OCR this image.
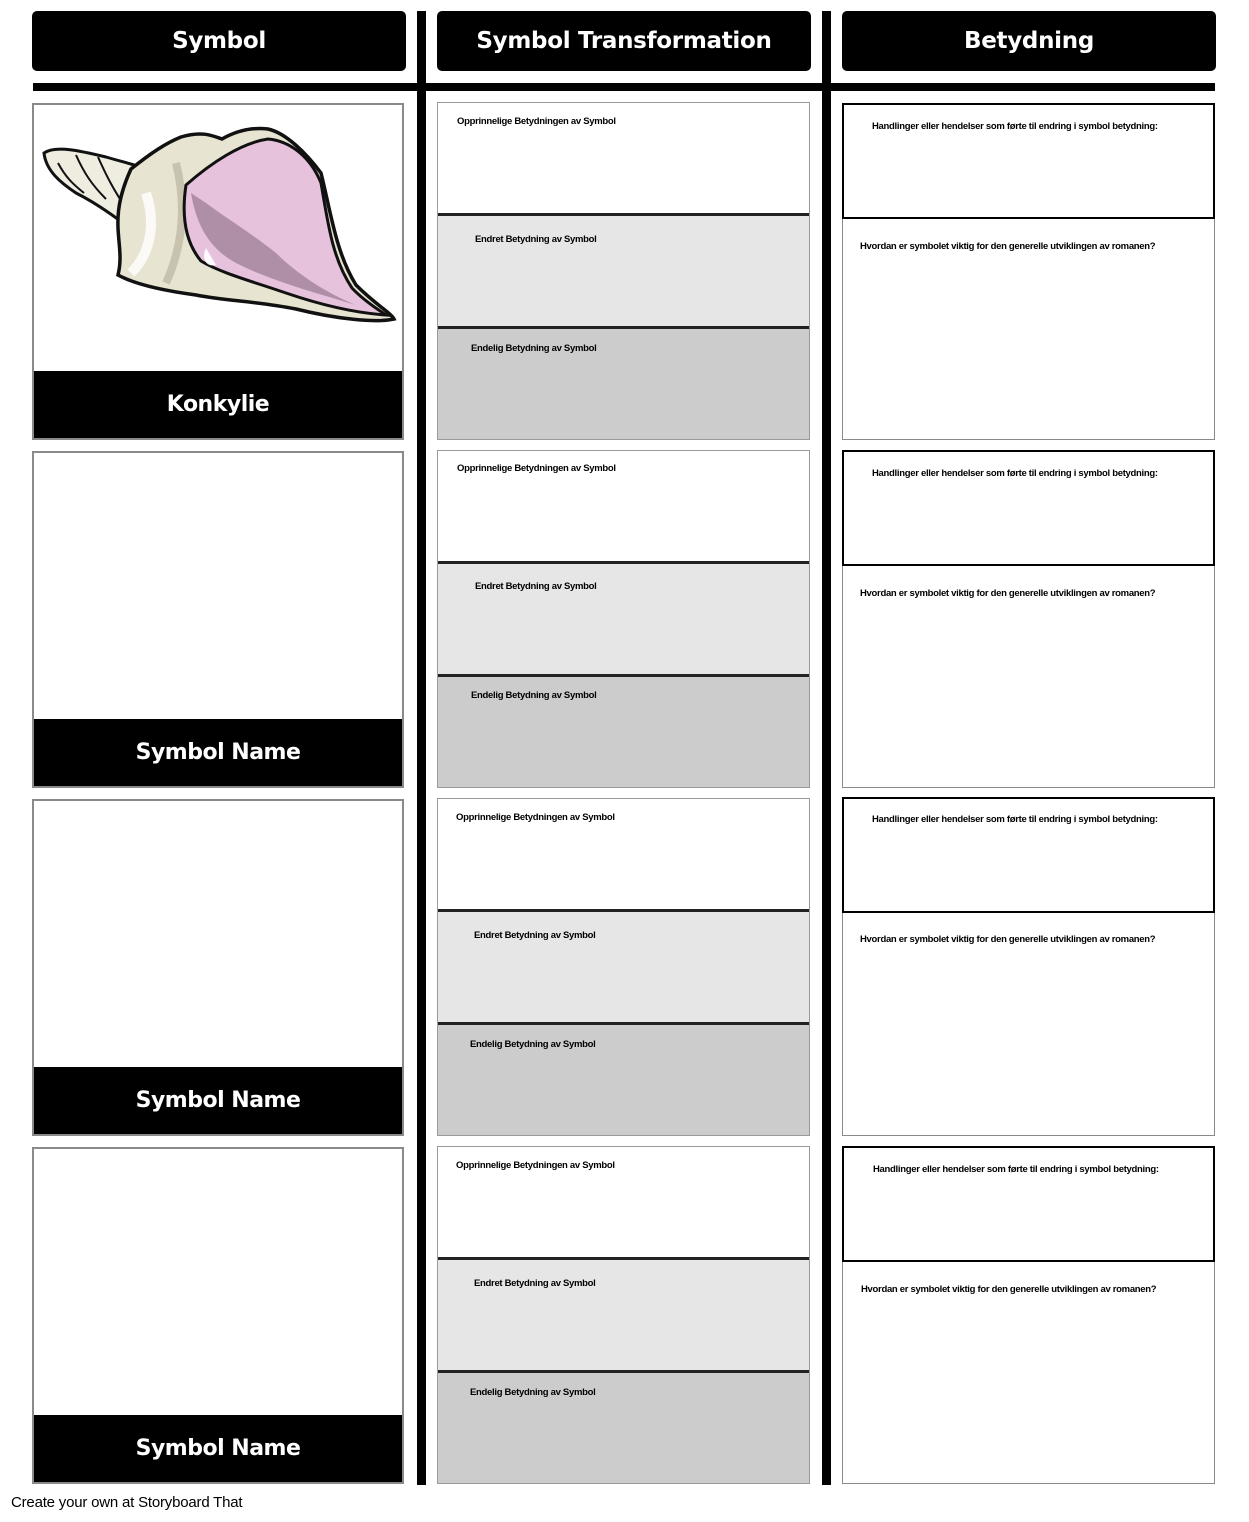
Symbol	Symbol Transformation	Betydning
Konkylie
Opprinnelige Betydningen av Symbol
Endret Betydning av Symbol
Endelig Betydning av Symbol
Handlinger eller hendelser som førte til endring i symbol betydning:
Hvordan er symbolet viktig for den generelle utviklingen av romanen?
Symbol Name
Opprinnelige Betydningen av Symbol
Endret Betydning av Symbol
Endelig Betydning av Symbol
Handlinger eller hendelser som førte til endring i symbol betydning:
Hvordan er symbolet viktig for den generelle utviklingen av romanen?
Symbol Name
Opprinnelige Betydningen av Symbol
Endret Betydning av Symbol
Endelig Betydning av Symbol
Handlinger eller hendelser som førte til endring i symbol betydning:
Hvordan er symbolet viktig for den generelle utviklingen av romanen?
Symbol Name
Opprinnelige Betydningen av Symbol
Endret Betydning av Symbol
Endelig Betydning av Symbol
Handlinger eller hendelser som førte til endring i symbol betydning:
Hvordan er symbolet viktig for den generelle utviklingen av romanen?
Create your own at Storyboard That
